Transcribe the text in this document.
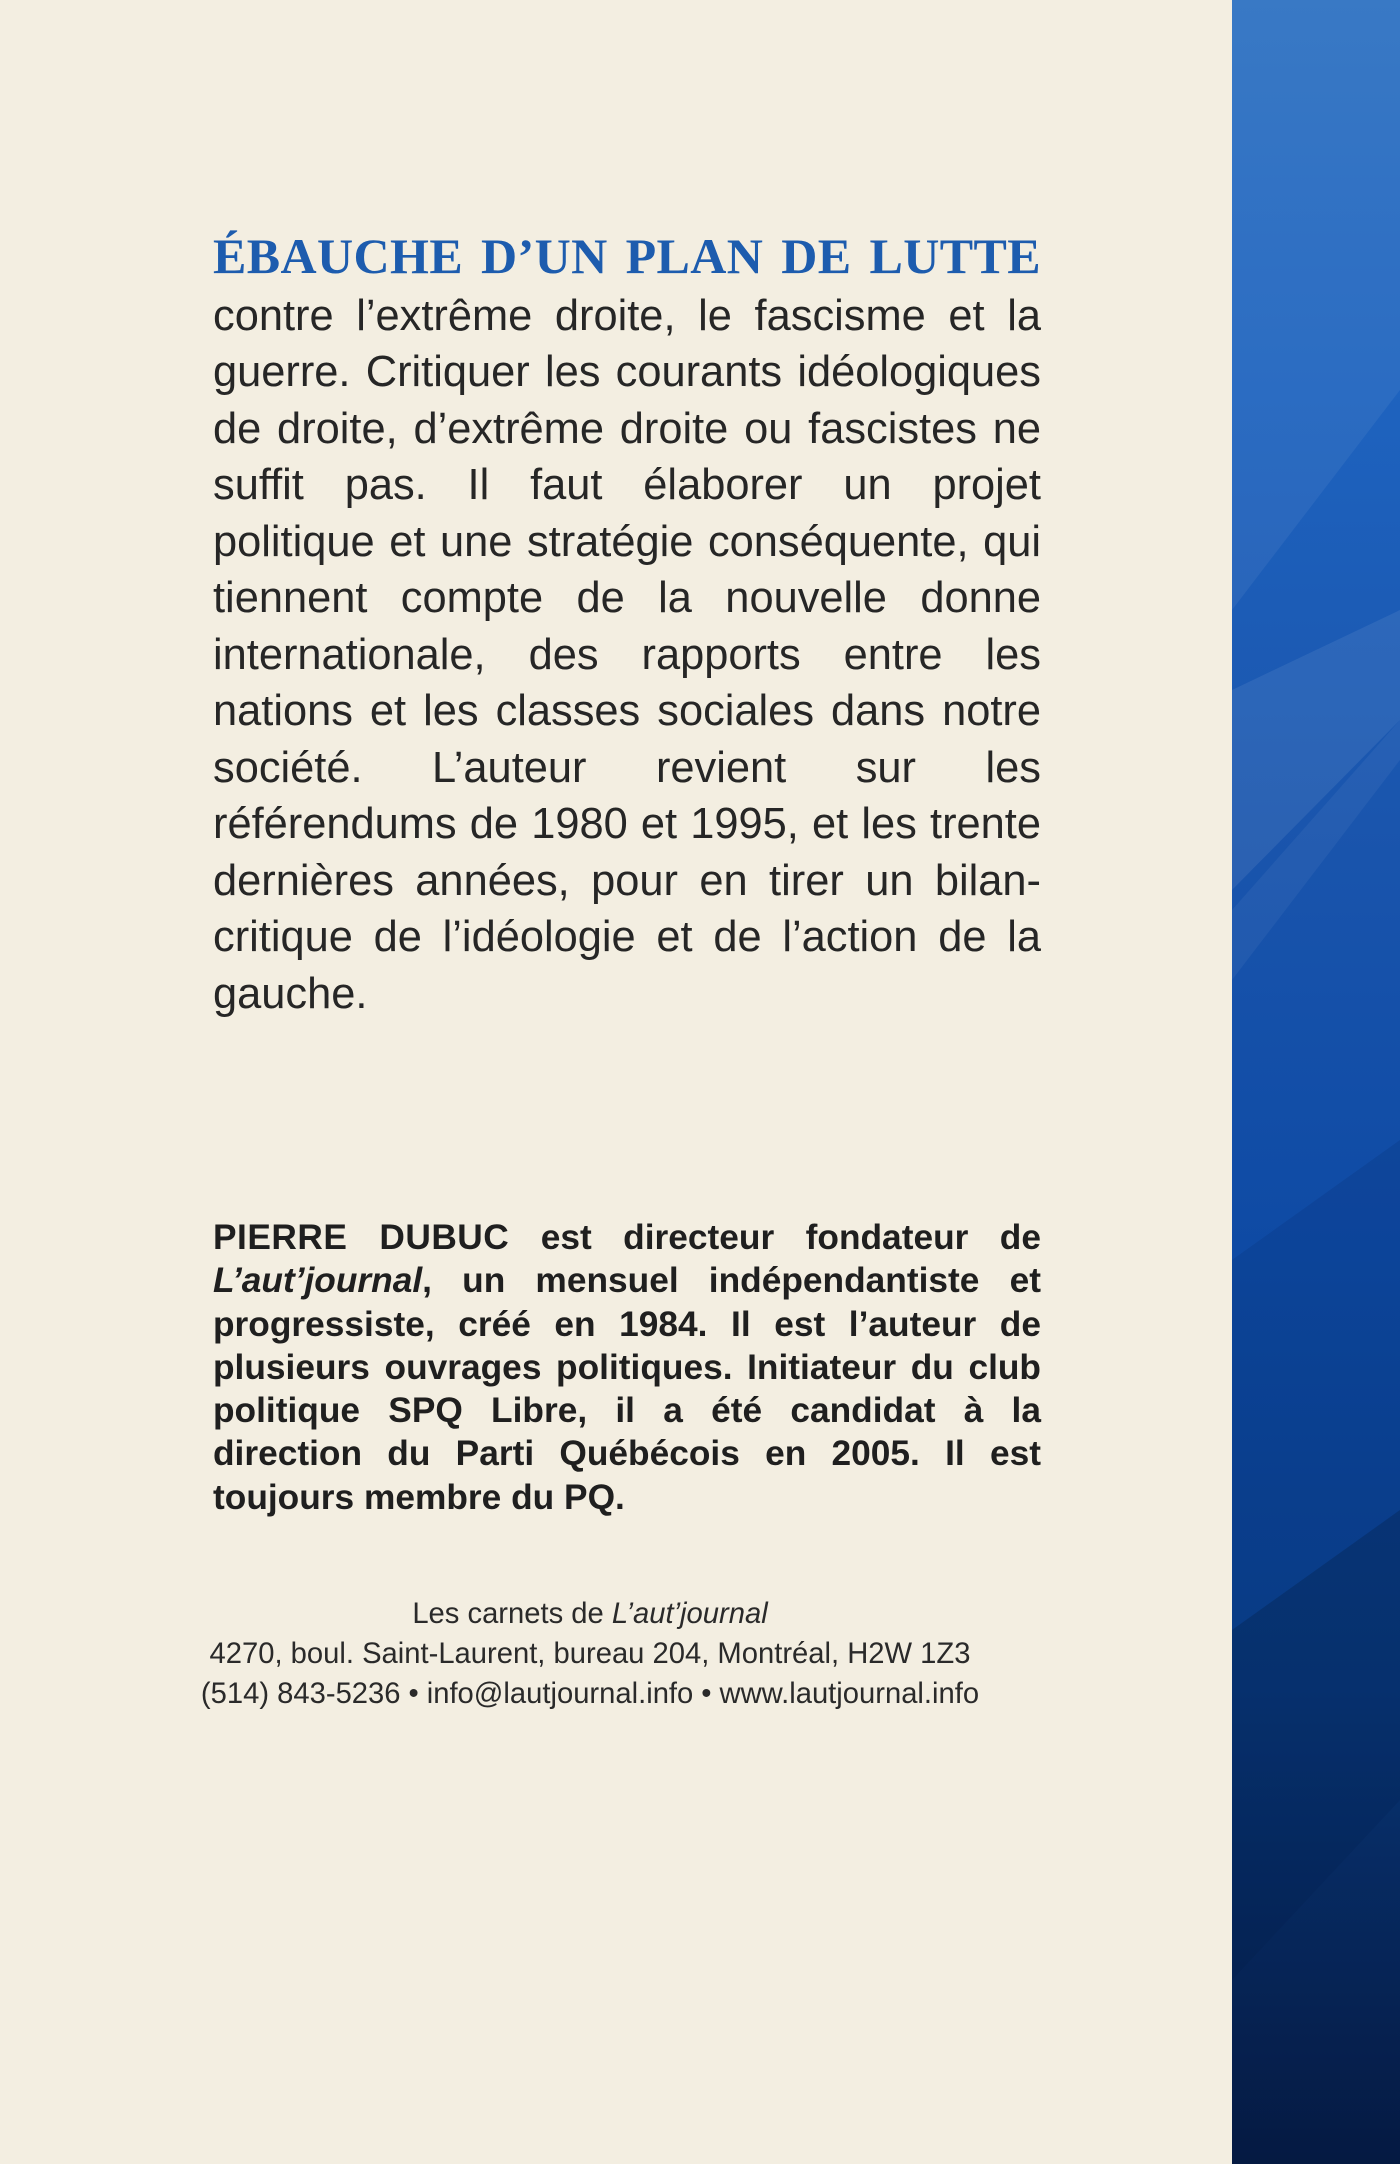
ÉBAUCHE D’UN PLAN DE LUTTE contre l’extrême droite, le fascisme et la guerre. Critiquer les courants idéologiques de droite, d’extrême droite ou fascistes ne suffit pas. Il faut élaborer un projet politique et une stratégie conséquente, qui tiennent compte de la nouvelle donne internationale, des rapports entre les nations et les classes sociales dans notre société. L’auteur revient sur les référendums de 1980 et 1995, et les trente dernières années, pour en tirer un bilan-critique de l’idéologie et de l’action de la gauche.

PIERRE DUBUC est directeur fondateur de L’aut’journal, un mensuel indépendantiste et progressiste, créé en 1984. Il est l’auteur de plusieurs ouvrages politiques. Initiateur du club politique SPQ Libre, il a été candidat à la direction du Parti Québécois en 2005. Il est toujours membre du PQ.

Les carnets de L’aut’journal
4270, boul. Saint-Laurent, bureau 204, Montréal, H2W 1Z3
(514) 843-5236 • info@lautjournal.info • www.lautjournal.info
